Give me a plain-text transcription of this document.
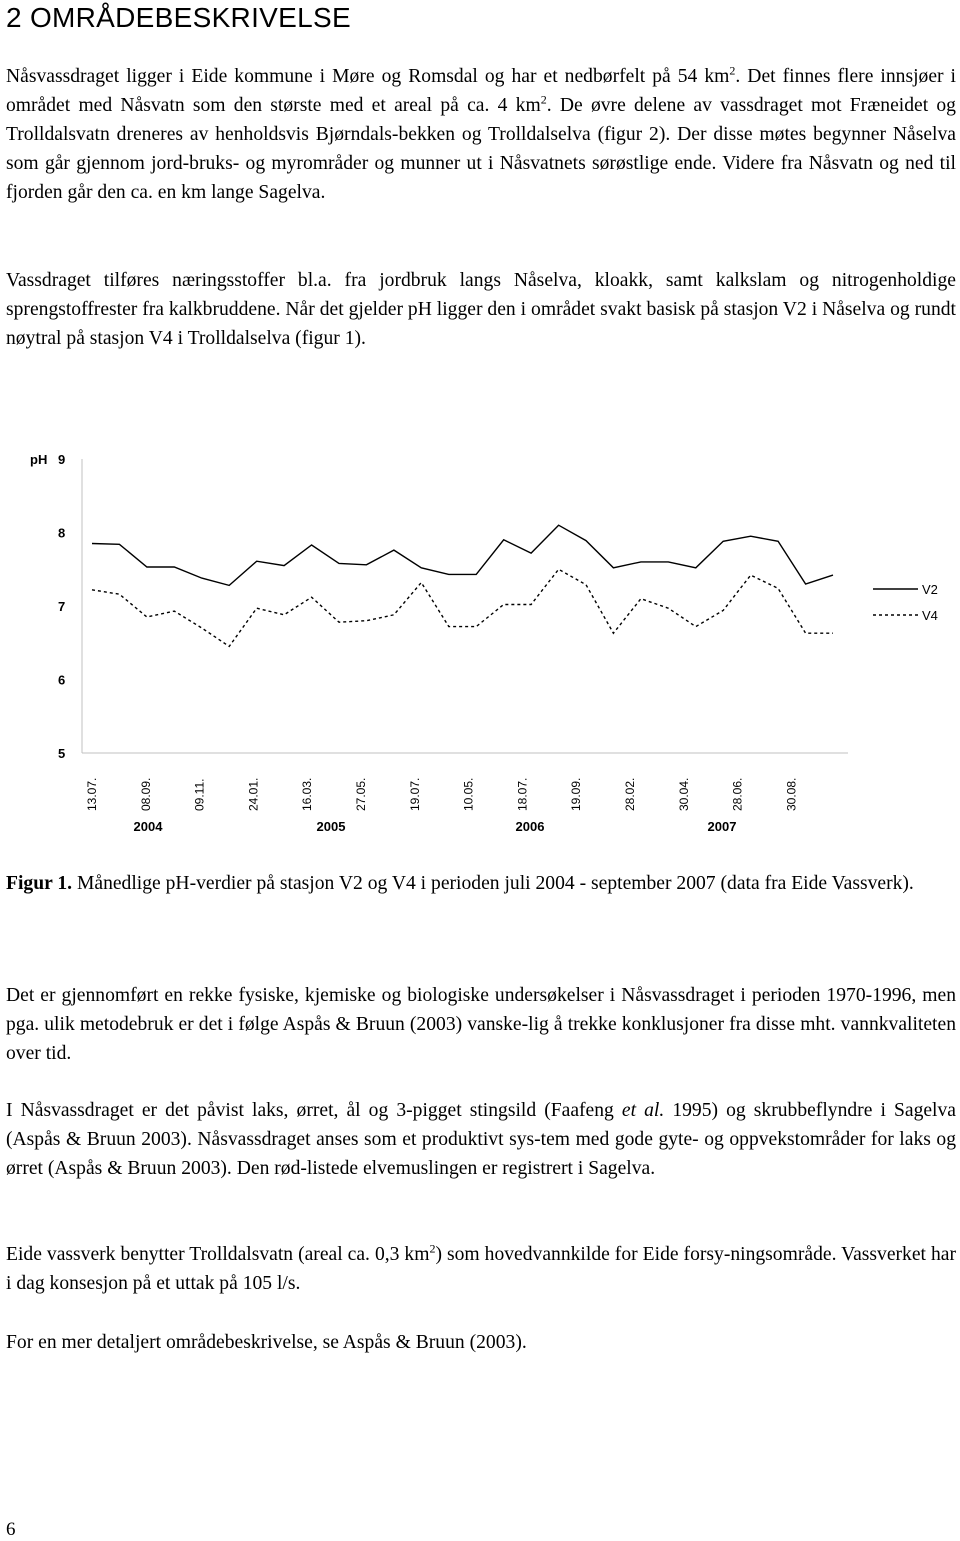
2 OMRÅDEBESKRIVELSE

Nåsvassdraget ligger i Eide kommune i Møre og Romsdal og har et nedbørfelt på 54 $km^2$. Det finnes flere innsjøer i området med Nåsvatn som den største med et areal på ca. 4 $km^2$. De øvre delene av vassdraget mot Fræneidet og Trolldalsvatn dreneres av henholdsvis Bjørndals-bekken og Trolldalselva (figur 2). Der disse møtes begynner Nåselva som går gjennom jord-bruks- og myrområder og munner ut i Nåsvatnets sørøstlige ende. Videre fra Nåsvatn og ned til fjorden går den ca. en km lange Sagelva.

Vassdraget tilføres næringsstoffer bl.a. fra jordbruk langs Nåselva, kloakk, samt kalkslam og nitrogenholdige sprengstoffrester fra kalkbruddene. Når det gjelder pH ligger den i området svakt basisk på stasjon V2 i Nåselva og rundt nøytral på stasjon V4 i Trolldalselva (figur 1).

pH 9
8
7
6
5
13.07.	08.09.	09.11.	24.01.	16.03.	27.05.	19.07.	10.05.	18.07.	19.09.	28.02.	30.04.	28.06.	30.08.
2004	2005	2006	2007
V2
V4

Figur 1. Månedlige pH-verdier på stasjon V2 og V4 i perioden juli 2004 - september 2007 (data fra Eide Vassverk).

Det er gjennomført en rekke fysiske, kjemiske og biologiske undersøkelser i Nåsvassdraget i perioden 1970-1996, men pga. ulik metodebruk er det i følge Aspås & Bruun (2003) vanske-lig å trekke konklusjoner fra disse mht. vannkvaliteten over tid.

I Nåsvassdraget er det påvist laks, ørret, ål og 3-pigget stingsild (Faafeng et al. 1995) og skrubbeflyndre i Sagelva (Aspås & Bruun 2003). Nåsvassdraget anses som et produktivt sys-tem med gode gyte- og oppvekstområder for laks og ørret (Aspås & Bruun 2003). Den rød-listede elvemuslingen er registrert i Sagelva.

Eide vassverk benytter Trolldalsvatn (areal ca. 0,3 $km^2$) som hovedvannkilde for Eide forsy-ningsområde. Vassverket har i dag konsesjon på et uttak på 105 l/s.

For en mer detaljert områdebeskrivelse, se Aspås & Bruun (2003).

6
